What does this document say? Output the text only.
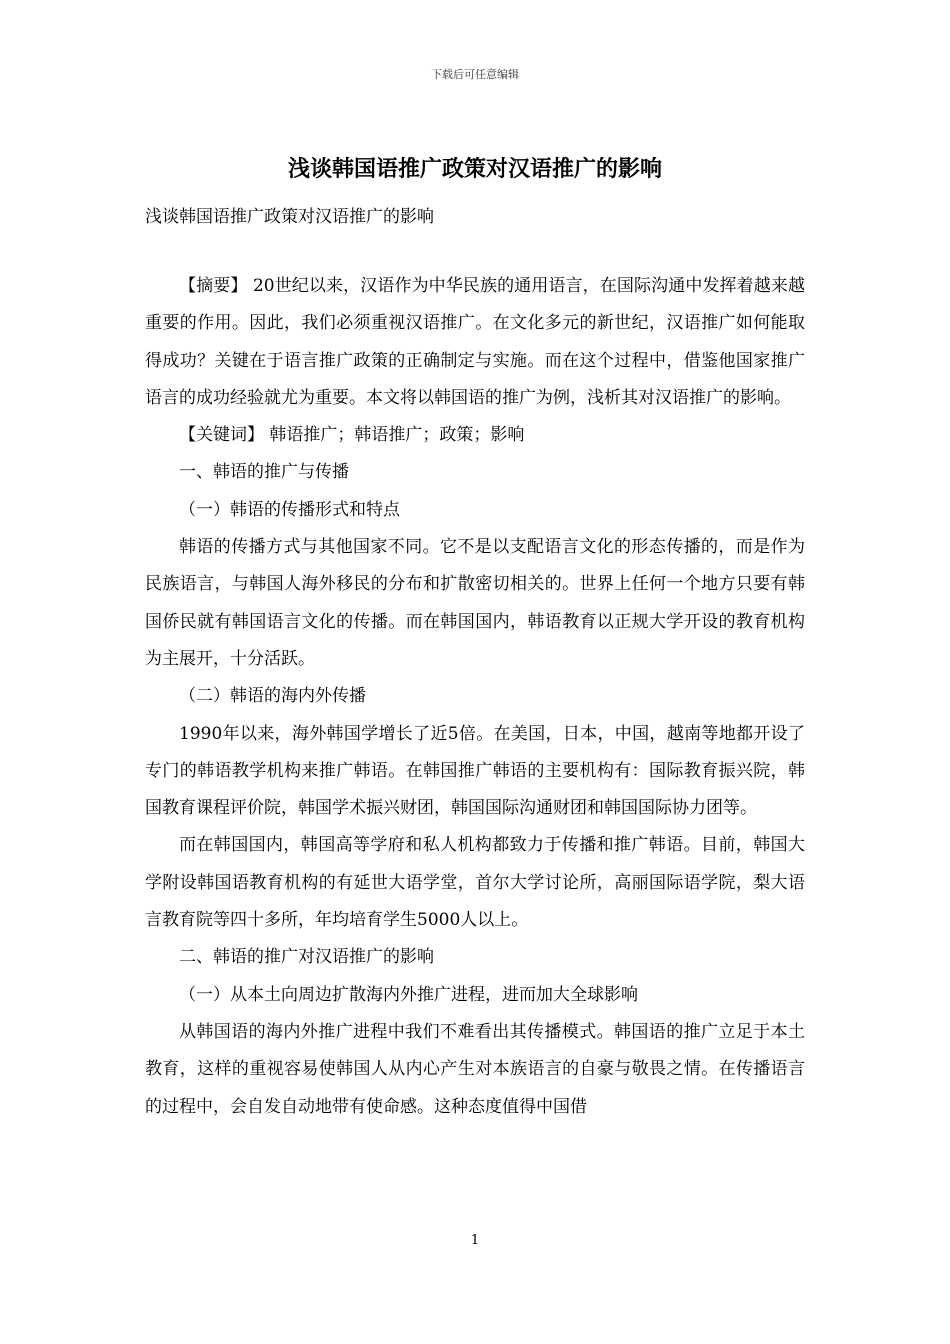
下载后可任意编辑
浅谈韩国语推广政策对汉语推广的影响

浅谈韩国语推广政策对汉语推广的影响

【摘要】 20世纪以来，汉语作为中华民族的通用语言，在国际沟通中发挥着越来越重要的作用。因此，我们必须重视汉语推广。在文化多元的新世纪，汉语推广如何能取得成功？关键在于语言推广政策的正确制定与实施。而在这个过程中，借鉴他国家推广语言的成功经验就尤为重要。本文将以韩国语的推广为例，浅析其对汉语推广的影响。

【关键词】 韩语推广；韩语推广；政策；影响

一、韩语的推广与传播

（一）韩语的传播形式和特点

韩语的传播方式与其他国家不同。它不是以支配语言文化的形态传播的，而是作为民族语言，与韩国人海外移民的分布和扩散密切相关的。世界上任何一个地方只要有韩国侨民就有韩国语言文化的传播。而在韩国国内，韩语教育以正规大学开设的教育机构为主展开，十分活跃。

（二）韩语的海内外传播

1990年以来，海外韩国学增长了近5倍。在美国，日本，中国，越南等地都开设了专门的韩语教学机构来推广韩语。在韩国推广韩语的主要机构有：国际教育振兴院，韩国教育课程评价院，韩国学术振兴财团，韩国国际沟通财团和韩国国际协力团等。

而在韩国国内，韩国高等学府和私人机构都致力于传播和推广韩语。目前，韩国大学附设韩国语教育机构的有延世大语学堂，首尔大学讨论所，高丽国际语学院，梨大语言教育院等四十多所，年均培育学生5000人以上。

二、韩语的推广对汉语推广的影响

（一）从本土向周边扩散海内外推广进程，进而加大全球影响

从韩国语的海内外推广进程中我们不难看出其传播模式。韩国语的推广立足于本土教育，这样的重视容易使韩国人从内心产生对本族语言的自豪与敬畏之情。在传播语言的过程中，会自发自动地带有使命感。这种态度值得中国借

1
